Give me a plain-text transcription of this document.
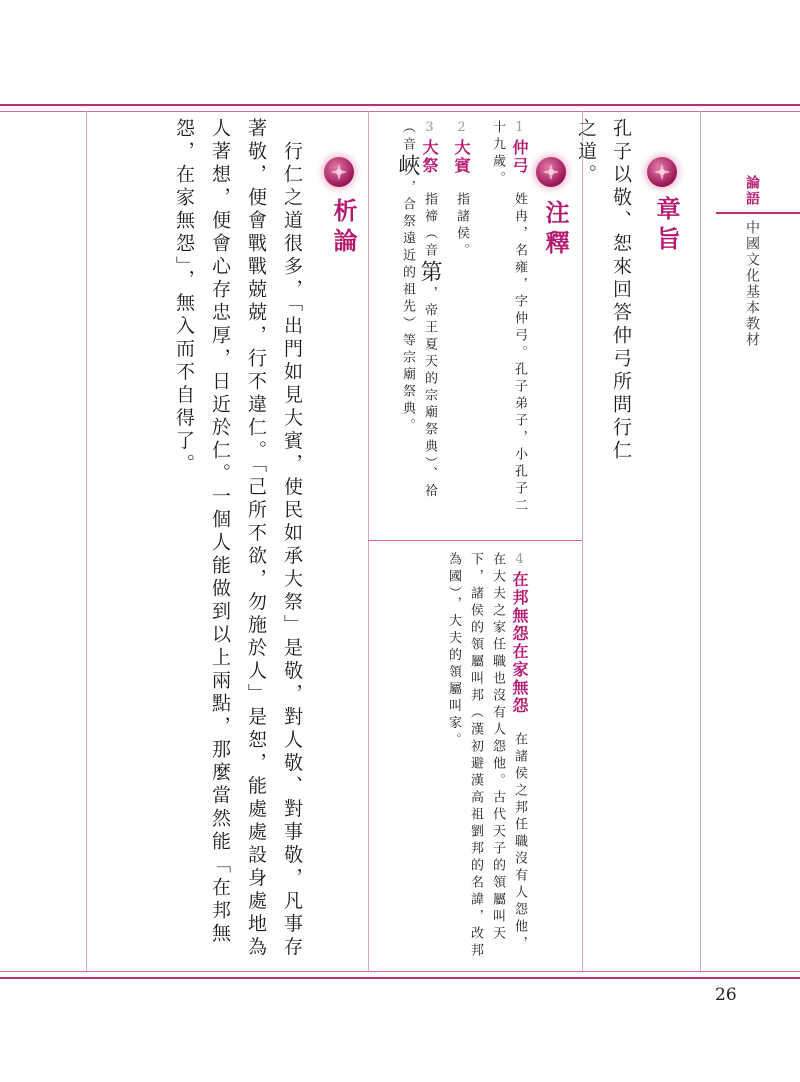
論語
中國文化基本教材
章旨
孔子以敬、恕來回答仲弓所問行仁之道。
注釋
1仲弓　姓冉，名雍，字仲弓。孔子弟子，小孔子二十九歲。
2大賓　指諸侯。
3大祭　指禘（音第，帝王夏天的宗廟祭典）、祫（音峽，合祭遠近的祖先）等宗廟祭典。
4在邦無怨在家無怨　在諸侯之邦任職沒有人怨他，在大夫之家任職也沒有人怨他。古代天子的領屬叫天下，諸侯的領屬叫邦（漢初避漢高祖劉邦的名諱，改邦為國），大夫的領屬叫家。
析論
　行仁之道很多，「出門如見大賓，使民如承大祭」是敬，對人敬、對事敬，凡事存著敬，便會戰戰兢兢，行不違仁。「己所不欲，勿施於人」是恕，能處處設身處地為人著想，便會心存忠厚，日近於仁。一個人能做到以上兩點，那麼當然能「在邦無怨，在家無怨」，無入而不自得了。
26
